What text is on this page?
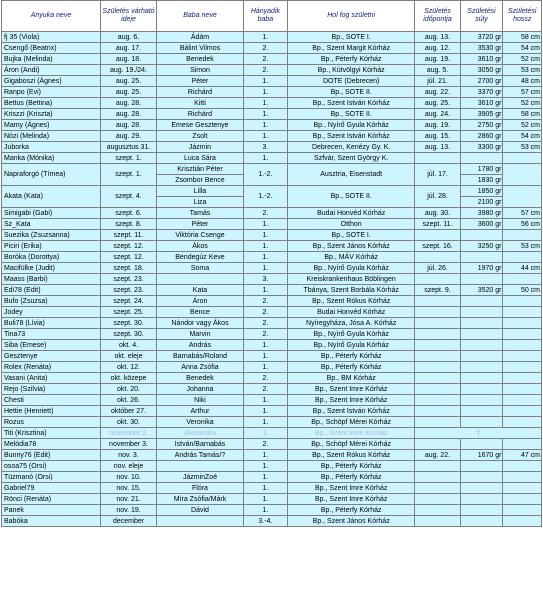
Anyuka neve	Születés várható ideje	Baba neve	Hányadik baba	Hol fog születni	Születés időpontja	Születési súly	Születési hossz
fj 35 (Viola)	aug. 6.	Ádám	1.	Bp., SOTE I.	aug. 13.	3720 gr	58 cm
Csengő (Beatrix)	aug. 17.	Bálint Vilmos	2.	Bp., Szent Margit Kórház	aug. 12.	3530 gr	54 cm
Bujka (Melinda)	aug. 18.	Benedek	2.	Bp., Péterfy Kórház	aug. 19.	3610 gr	52 cm
Áron (Andi)	aug. 19./24.	Simon	2.	Bp., Kútvölgyi Kórház	aug. 5.	3050 gr	53 cm
Gigaboszi (Ágnes)	aug. 25.	Péter	1.	DOTE (Debrecen)	júl. 21.	2700 gr	48 cm
Ranpo (Evi)	aug. 25.	Richárd	1.	Bp., SOTE II.	aug. 22.	3370 gr	57 cm
Bettus (Bettina)	aug. 28.	Kitti	1.	Bp., Szent István Kórház	aug. 25.	3610 gr	52 cm
Kriszzi (Kriszta)	aug. 28.	Richárd	1.	Bp., SOTE II.	aug. 24.	3905 gr	58 cm
Mamy (Ágnes)	aug. 28.	Emese Gesztenye	1.	Bp., Nyírő Gyula Kórház	aug. 19.	2750 gr	52 cm
Nózi (Melinda)	aug. 29.	Zsolt	1.	Bp., Szent István Kórház	aug. 15.	2860 gr	54 cm
Juborka	augusztus 31.	Jázmin	3.	Debrecen, Kenézy Gy. K.	aug. 13.	3300 gr	53 cm
Manka (Mónika)	szept. 1.	Luca Sára	1.	Szfvár, Szent György K.			
Napraforgó (Tímea)	szept. 1.	Krisztián Péter	1.-2.	Ausztria, Eisenstadt	júl. 17.	1780 gr	
		Zsombor Bence				1830 gr	
Akata (Kata)	szept. 4.	Lilla	1.-2.	Bp., SOTE II.	júl. 28.	1850 gr	
		Liza				2100 gr	
Simigabi (Gabi)	szept. 6.	Tamás	2.	Budai Honvéd Kórház	aug. 30.	3980 gr	57 cm
Sz_Kata	szept. 8.	Péter	1.	Otthon	szept. 11.	3600 gr	56 cm
Suezika (Zsuzsanna)	szept. 11.	Viktória Csenge	1.	Bp., SOTE I.			
Piciri (Erika)	szept. 12.	Ákos	1.	Bp., Szent János Kórház	szept. 16.	3250 gr	53 cm
Boróka (Dorottya)	szept. 12.	Bendegúz Keve	1.	Bp., MÁV Kórház			
Macifülke (Judit)	szept. 18.	Soma	1.	Bp., Nyírő Gyula Kórház	júl. 26.	1970 gr	44 cm
Maass (Barbi)	szept. 23.		3.	Kreiskrankenhaus Böblingen			
Edi78 (Edit)	szept. 23.	Kata	1.	Tbánya, Szent Borbála Kórház	szept. 9.	3520 gr	50 cm
Bufo (Zsuzsa)	szept. 24.	Áron	2.	Bp., Szent Rókus Kórház			
Jodey	szept. 25.	Bence	2.	Budai Honvéd Kórház			
Buli78 (Lívia)	szept. 30.	Nándor vagy Ákos	2.	Nyíregyháza, Jósa A. Kórház			
Tina73	szept. 30.	Marvin	2.	Bp., Nyírő Gyula Kórház			
Siba (Emese)	okt. 4.	András	1.	Bp., Nyírő Gyula Kórház			
Gesztenye	okt. eleje	Barnabás/Roland	1.	Bp., Péterfy Kórház			
Rolex (Renáta)	okt. 12.	Anna Zsófia	1.	Bp., Péterfy Kórház			
Vasani (Anita)	okt. közepe	Benedek	2.	Bp., BM Kórház			
Rejo (Szilvia)	okt. 20.	Johanna	2.	Bp., Szent Imre Kórház			
Chesti	okt. 26.	Niki	1.	Bp., Szent Imre Kórház			
Hettie (Henriett)	október 27.	Arthur	1.	Bp., Szent István Kórház			
Rozus	okt. 30.	Veronika	1.	Bp., Schöpf Mérei Kórház			
Titi (Krisztina)	november 2.	Alexandra	1.	Bp., Szent Imre Kórház	†		
Melódia78	november 3.	István/Barnabás	2.	Bp., Schöpf Mérei Kórház			
Bunny76 (Edit)	nov. 3.	András Tamás/?	1.	Bp., Szent Rókus Kórház	aug. 22.	1670 gr	47 cm
osoa75 (Orsi)	nov. eleje		1.	Bp., Péterfy Kórház			
Tüzmanó (Orsi)	nov. 10.	JázminZoé	1.	Bp., Péterfy Kórház			
Gabriel79	nov. 15.	Flóra	1.	Bp., Szent Imre Kórház			
Rönci (Renáta)	nov. 21.	Míra Zsófia/Márk	1.	Bp., Szent Imre Kórház			
Panek	nov. 19.	Dávid	1.	Bp., Péterfy Kórház			
Babóka	december		3.-4.	Bp., Szent János Kórház			
